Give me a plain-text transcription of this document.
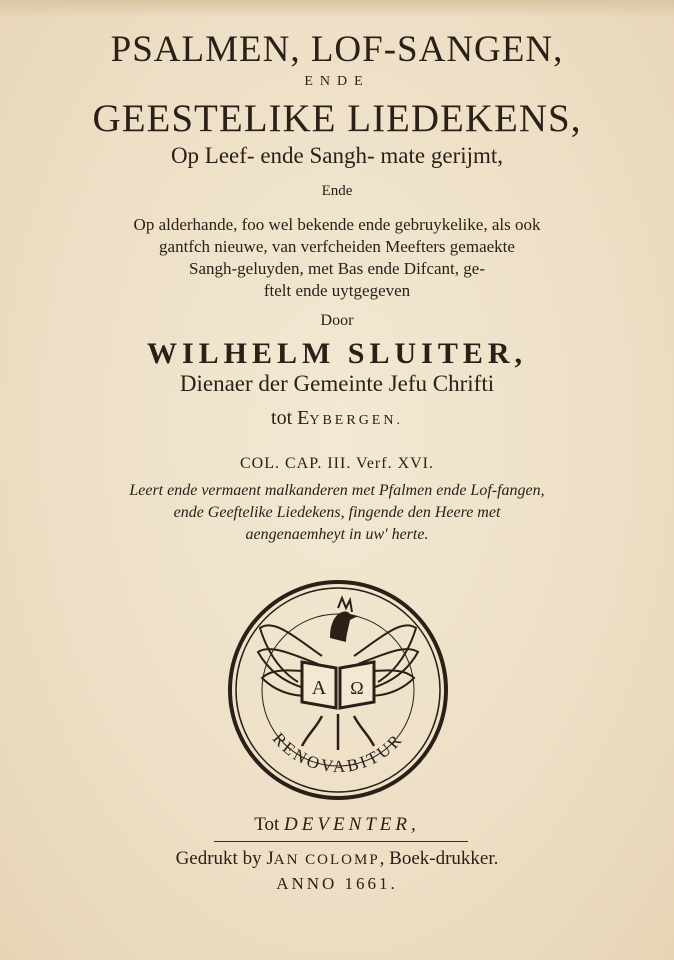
PSALMEN, LOF-SANGEN,
ENDE
GEESTELIKE LIEDEKENS,
Op Leef- ende Sangh- mate gerijmt,
Ende
Op alderhande, foo wel bekende ende gebruykelike, als ook
gantfch nieuwe, van verfcheiden Meefters gemaekte
Sangh-geluyden, met Bas ende Difcant, ge-
ftelt ende uytgegeven
Door
WILHELM SLUITER,
Dienaer der Gemeinte Jefu Chrifti
tot EYBERGEN.
COL. CAP. III. Verf. XVI.
Leert ende vermaent malkanderen met Pfalmen ende Lof-fangen,
ende Geeftelike Liedekens, fingende den Heere met
aengenaemheyt in uw' herte.
A Ω
RENOVABITUR
Tot DEVENTER,
Gedrukt by JAN COLOMP, Boek-drukker.
ANNO 1661.
